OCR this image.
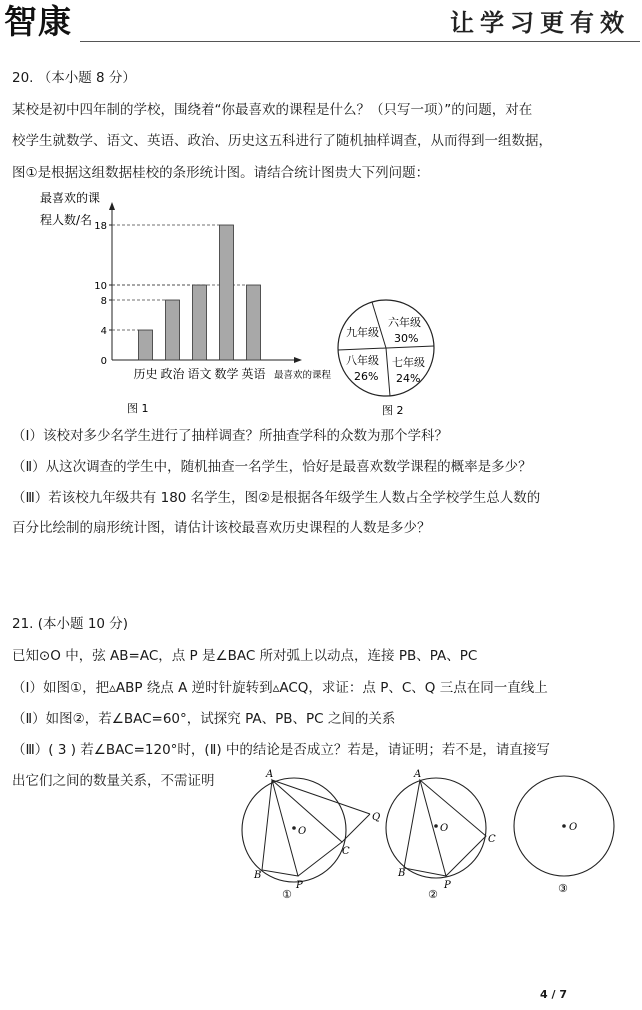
智康	让学习更有效
20. （本小题 8 分）
某校是初中四年制的学校，围绕着“你最喜欢的课程是什么？（只写一项）”的问题，对在
校学生就数学、语文、英语、政治、历史这五科进行了随机抽样调查，从而得到一组数据，
图①是根据这组数据桂校的条形统计图。请结合统计图贵大下列问题：
最喜欢的课
程人数/名
0
4
8
10
18
历史 政治 语文 数学 英语 最喜欢的课程
图 1
六年级
30%
七年级
24%
八年级
26%
九年级
图 2
（Ⅰ）该校对多少名学生进行了抽样调查？所抽查学科的众数为那个学科？
（Ⅱ）从这次调查的学生中，随机抽查一名学生，恰好是最喜欢数学课程的概率是多少？
（Ⅲ）若该校九年级共有 180 名学生，图②是根据各年级学生人数占全学校学生总人数的
百分比绘制的扇形统计图，请估计该校最喜欢历史课程的人数是多少？
21. (本小题 10 分)
已知⊙O 中，弦 AB=AC，点 P 是∠BAC 所对弧上以动点，连接 PB、PA、PC
（Ⅰ）如图①，把▵ABP 绕点 A 逆时针旋转到▵ACQ，求证：点 P、C、Q 三点在同一直线上
（Ⅱ）如图②，若∠BAC=60°，试探究 PA、PB、PC 之间的关系
（Ⅲ）( 3 ) 若∠BAC=120°时，(Ⅱ) 中的结论是否成立？若是，请证明；若不是，请直接写
出它们之间的数量关系，不需证明	A
B
C
P
Q
O
①
A
B
C
P
O
②
O
③
4 / 7
